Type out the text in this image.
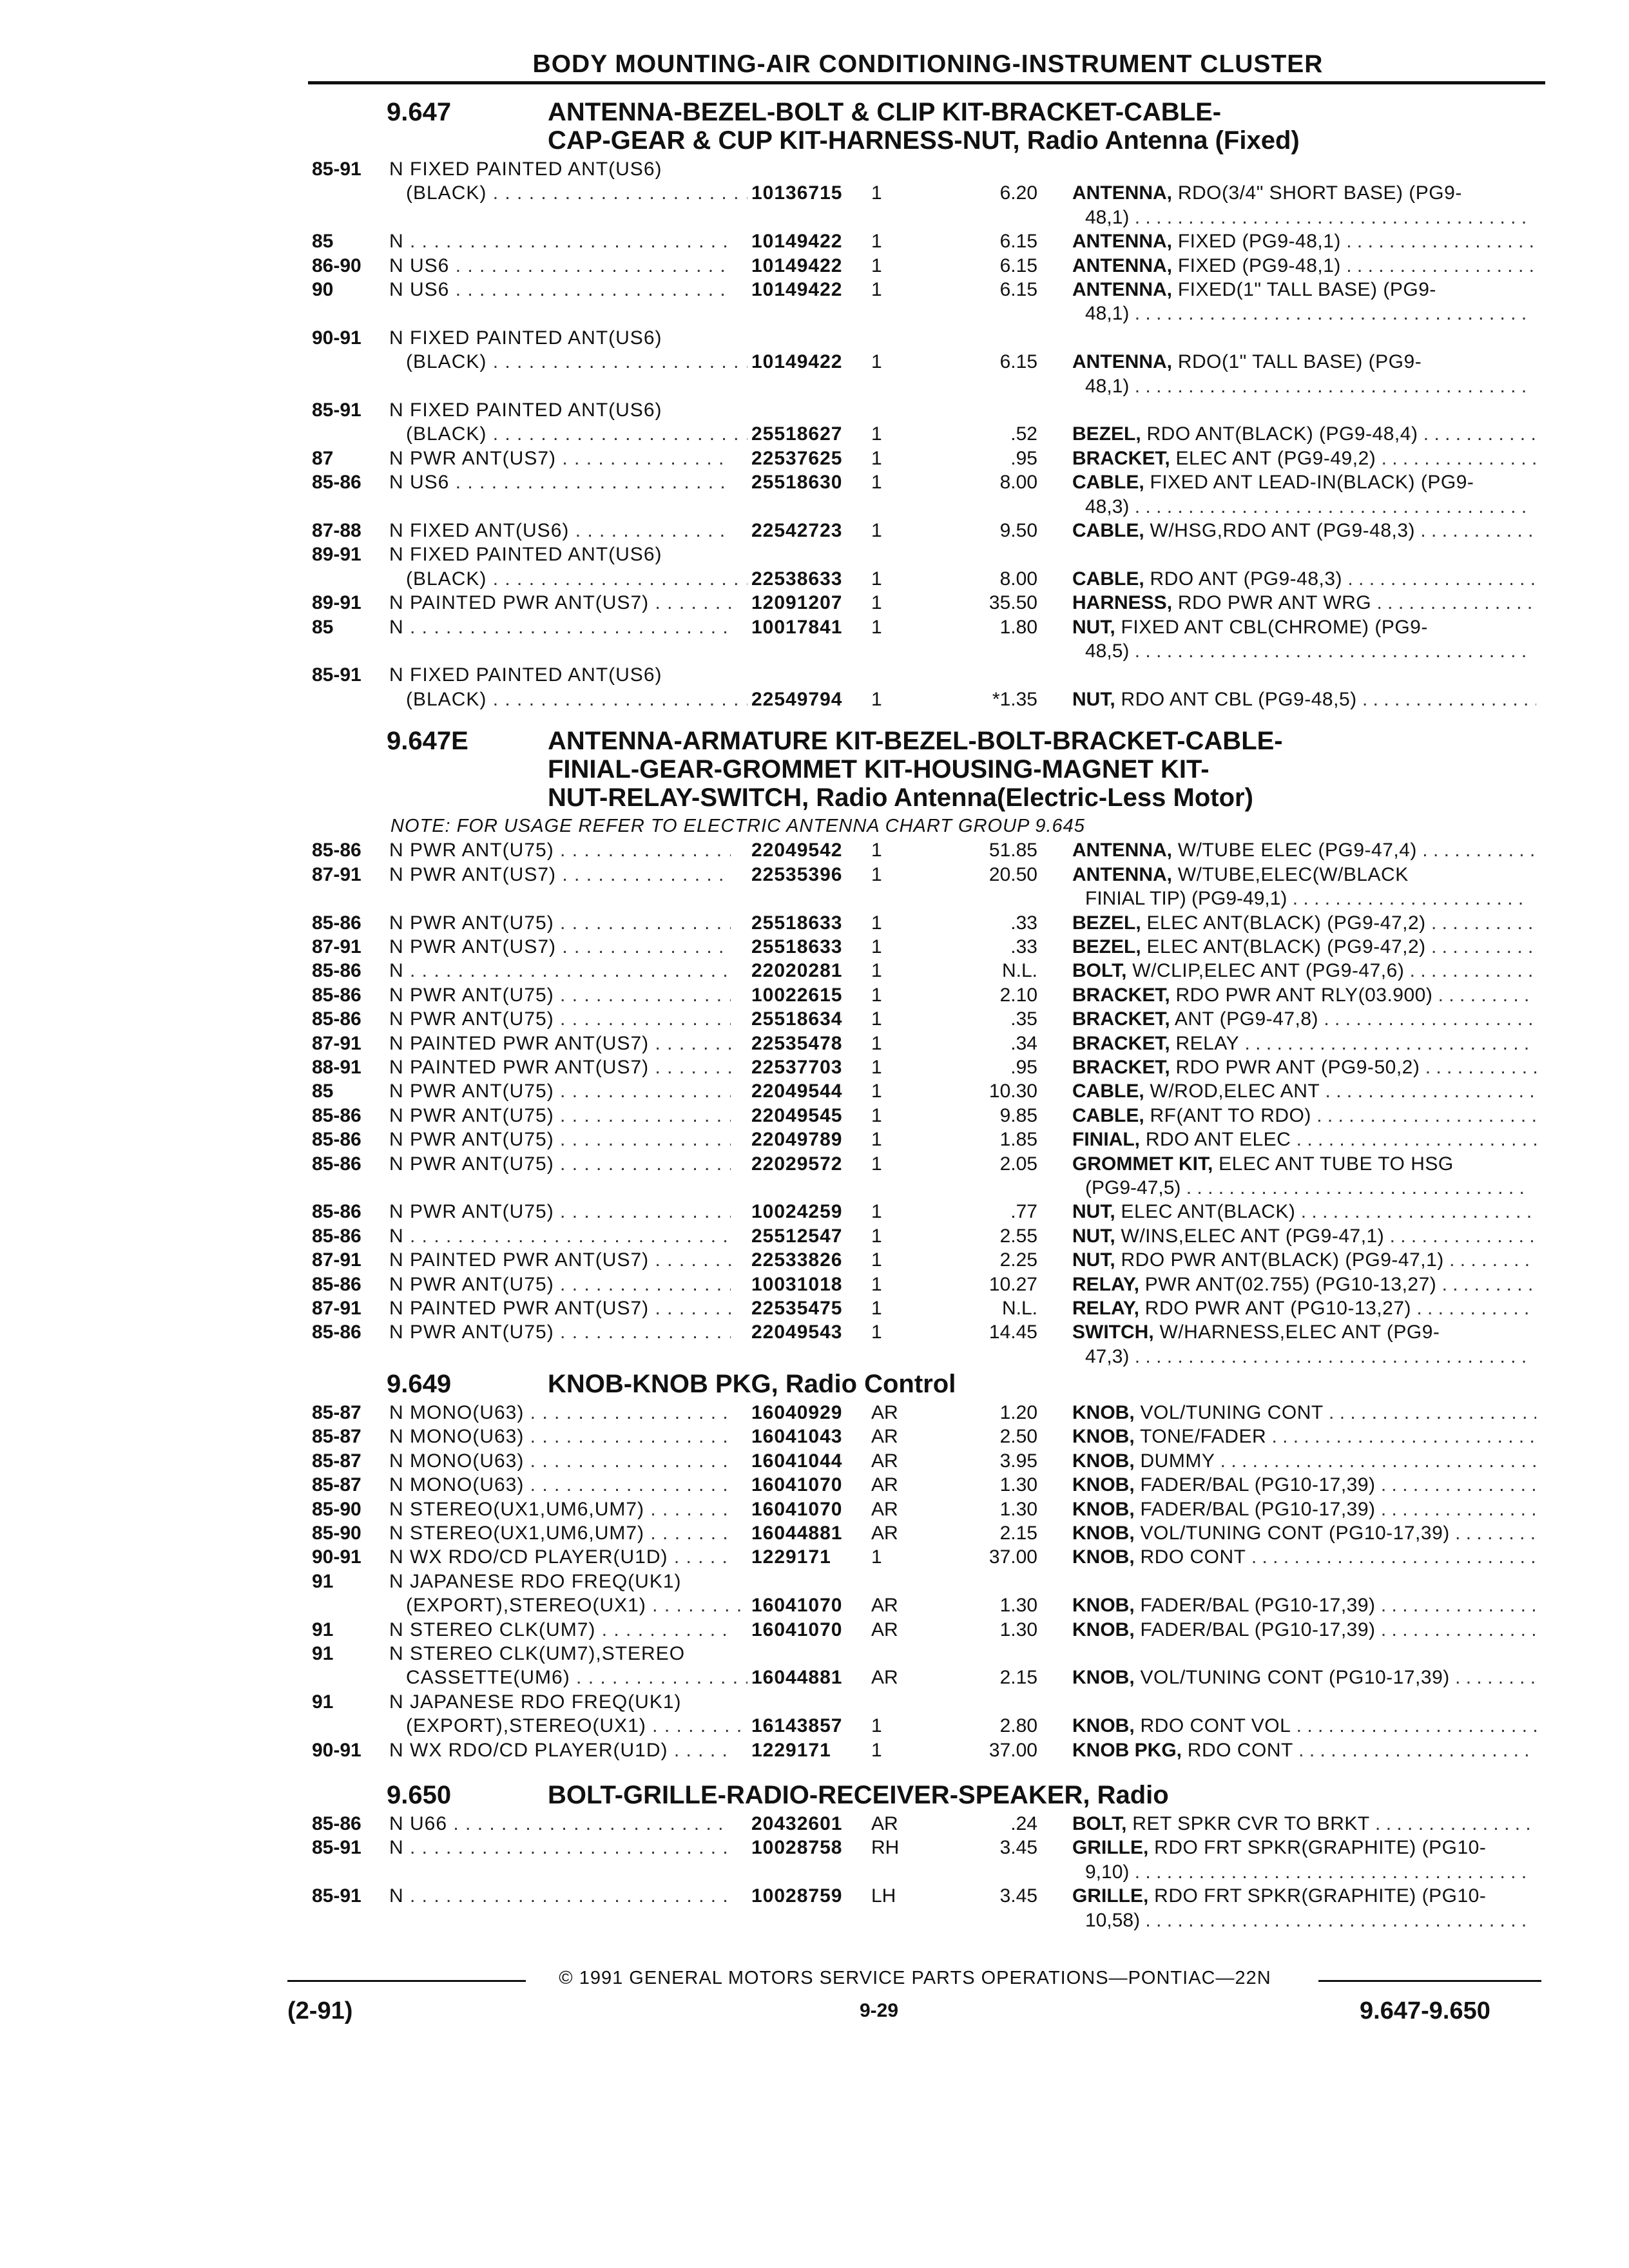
BODY MOUNTING-AIR CONDITIONING-INSTRUMENT CLUSTER
9.647	ANTENNA-BEZEL-BOLT & CLIP KIT-BRACKET-CABLE-
CAP-GEAR & CUP KIT-HARNESS-NUT, Radio Antenna (Fixed)
85-91 N FIXED PAINTED ANT(US6)
(BLACK) . . .	10136715 1	6.20 ANTENNA, RDO(3/4" SHORT BASE) (PG9-
48,1) . . .
85	N . . .	10149422 1	6.15 ANTENNA, FIXED (PG9-48,1) . . .
86-90 N US6 . . .	10149422 1	6.15 ANTENNA, FIXED (PG9-48,1) . . .
90	N US6 . . .	10149422 1	6.15 ANTENNA, FIXED(1" TALL BASE) (PG9-
48,1) . . .
90-91 N FIXED PAINTED ANT(US6)
(BLACK) . . .	10149422 1	6.15 ANTENNA, RDO(1" TALL BASE) (PG9-
48,1) . . .
85-91 N FIXED PAINTED ANT(US6)
(BLACK) . . .	25518627 1	.52 BEZEL, RDO ANT(BLACK) (PG9-48,4) . . .
87	N PWR ANT(US7) . . .	22537625 1	.95 BRACKET, ELEC ANT (PG9-49,2) . . .
85-86 N US6 . . .	25518630 1	8.00 CABLE, FIXED ANT LEAD-IN(BLACK) (PG9-
48,3) . . .
87-88 N FIXED ANT(US6) . . .	22542723 1	9.50 CABLE, W/HSG,RDO ANT (PG9-48,3) . . .
89-91 N FIXED PAINTED ANT(US6)
(BLACK) . . .	22538633 1	8.00 CABLE, RDO ANT (PG9-48,3) . . .
89-91 N PAINTED PWR ANT(US7) . . .	12091207 1	35.50 HARNESS, RDO PWR ANT WRG . . .
85	N . . .	10017841 1	1.80 NUT, FIXED ANT CBL(CHROME) (PG9-
48,5) . . .
85-91 N FIXED PAINTED ANT(US6)
(BLACK) . . .	22549794 1	*1.35 NUT, RDO ANT CBL (PG9-48,5) . . .
9.647E	ANTENNA-ARMATURE KIT-BEZEL-BOLT-BRACKET-CABLE-
FINIAL-GEAR-GROMMET KIT-HOUSING-MAGNET KIT-
NUT-RELAY-SWITCH, Radio Antenna(Electric-Less Motor)
NOTE: FOR USAGE REFER TO ELECTRIC ANTENNA CHART GROUP 9.645
85-86 N PWR ANT(U75) . . .	22049542 1	51.85 ANTENNA, W/TUBE ELEC (PG9-47,4) . . .
87-91 N PWR ANT(US7) . . .	22535396 1	20.50 ANTENNA, W/TUBE,ELEC(W/BLACK
FINIAL TIP) (PG9-49,1) . . .
85-86 N PWR ANT(U75) . . .	25518633 1	.33 BEZEL, ELEC ANT(BLACK) (PG9-47,2) . . .
87-91 N PWR ANT(US7) . . .	25518633 1	.33 BEZEL, ELEC ANT(BLACK) (PG9-47,2) . . .
85-86 N . . .	22020281 1	N.L. BOLT, W/CLIP,ELEC ANT (PG9-47,6) . . .
85-86 N PWR ANT(U75) . . .	10022615 1	2.10 BRACKET, RDO PWR ANT RLY(03.900) . . .
85-86 N PWR ANT(U75) . . .	25518634 1	.35 BRACKET, ANT (PG9-47,8) . . .
87-91 N PAINTED PWR ANT(US7) . . .	22535478 1	.34 BRACKET, RELAY . . .
88-91 N PAINTED PWR ANT(US7) . . .	22537703 1	.95 BRACKET, RDO PWR ANT (PG9-50,2) . . .
85	N PWR ANT(U75) . . .	22049544 1	10.30 CABLE, W/ROD,ELEC ANT . . .
85-86 N PWR ANT(U75) . . .	22049545 1	9.85 CABLE, RF(ANT TO RDO) . . .
85-86 N PWR ANT(U75) . . .	22049789 1	1.85 FINIAL, RDO ANT ELEC . . .
85-86 N PWR ANT(U75) . . .	22029572 1	2.05 GROMMET KIT, ELEC ANT TUBE TO HSG
(PG9-47,5) . . .
85-86 N PWR ANT(U75) . . .	10024259 1	.77 NUT, ELEC ANT(BLACK) . . .
85-86 N . . .	25512547 1	2.55 NUT, W/INS,ELEC ANT (PG9-47,1) . . .
87-91 N PAINTED PWR ANT(US7) . . .	22533826 1	2.25 NUT, RDO PWR ANT(BLACK) (PG9-47,1) . . .
85-86 N PWR ANT(U75) . . .	10031018 1	10.27 RELAY, PWR ANT(02.755) (PG10-13,27) . . .
87-91 N PAINTED PWR ANT(US7) . . .	22535475 1	N.L. RELAY, RDO PWR ANT (PG10-13,27) . . .
85-86 N PWR ANT(U75) . . .	22049543 1	14.45 SWITCH, W/HARNESS,ELEC ANT (PG9-
47,3) . . .
9.649	KNOB-KNOB PKG, Radio Control
85-87 N MONO(U63) . . .	16040929 AR	1.20 KNOB, VOL/TUNING CONT . . .
85-87 N MONO(U63) . . .	16041043 AR	2.50 KNOB, TONE/FADER . . .
85-87 N MONO(U63) . . .	16041044 AR	3.95 KNOB, DUMMY . . .
85-87 N MONO(U63) . . .	16041070 AR	1.30 KNOB, FADER/BAL (PG10-17,39) . . .
85-90 N STEREO(UX1,UM6,UM7) . . .	16041070 AR	1.30 KNOB, FADER/BAL (PG10-17,39) . . .
85-90 N STEREO(UX1,UM6,UM7) . . .	16044881 AR	2.15 KNOB, VOL/TUNING CONT (PG10-17,39) . . .
90-91 N WX RDO/CD PLAYER(U1D) . . .	1229171 1	37.00 KNOB, RDO CONT . . .
91	N JAPANESE RDO FREQ(UK1)
(EXPORT),STEREO(UX1) . . .	16041070 AR	1.30 KNOB, FADER/BAL (PG10-17,39) . . .
91	N STEREO CLK(UM7) . . .	16041070 AR	1.30 KNOB, FADER/BAL (PG10-17,39) . . .
91	N STEREO CLK(UM7),STEREO
CASSETTE(UM6) . . .	16044881 AR	2.15 KNOB, VOL/TUNING CONT (PG10-17,39) . . .
91	N JAPANESE RDO FREQ(UK1)
(EXPORT),STEREO(UX1) . . .	16143857 1	2.80 KNOB, RDO CONT VOL . . .
90-91 N WX RDO/CD PLAYER(U1D) . . .	1229171 1	37.00 KNOB PKG, RDO CONT . . .
9.650	BOLT-GRILLE-RADIO-RECEIVER-SPEAKER, Radio
85-86 N U66 . . .	20432601 AR	.24 BOLT, RET SPKR CVR TO BRKT . . .
85-91 N . . .	10028758 RH	3.45 GRILLE, RDO FRT SPKR(GRAPHITE) (PG10-
9,10) . . .
85-91 N . . .	10028759 LH	3.45 GRILLE, RDO FRT SPKR(GRAPHITE) (PG10-
10,58) . . .
© 1991 GENERAL MOTORS SERVICE PARTS OPERATIONS—PONTIAC—22N
(2-91)	9-29	9.647-9.650
